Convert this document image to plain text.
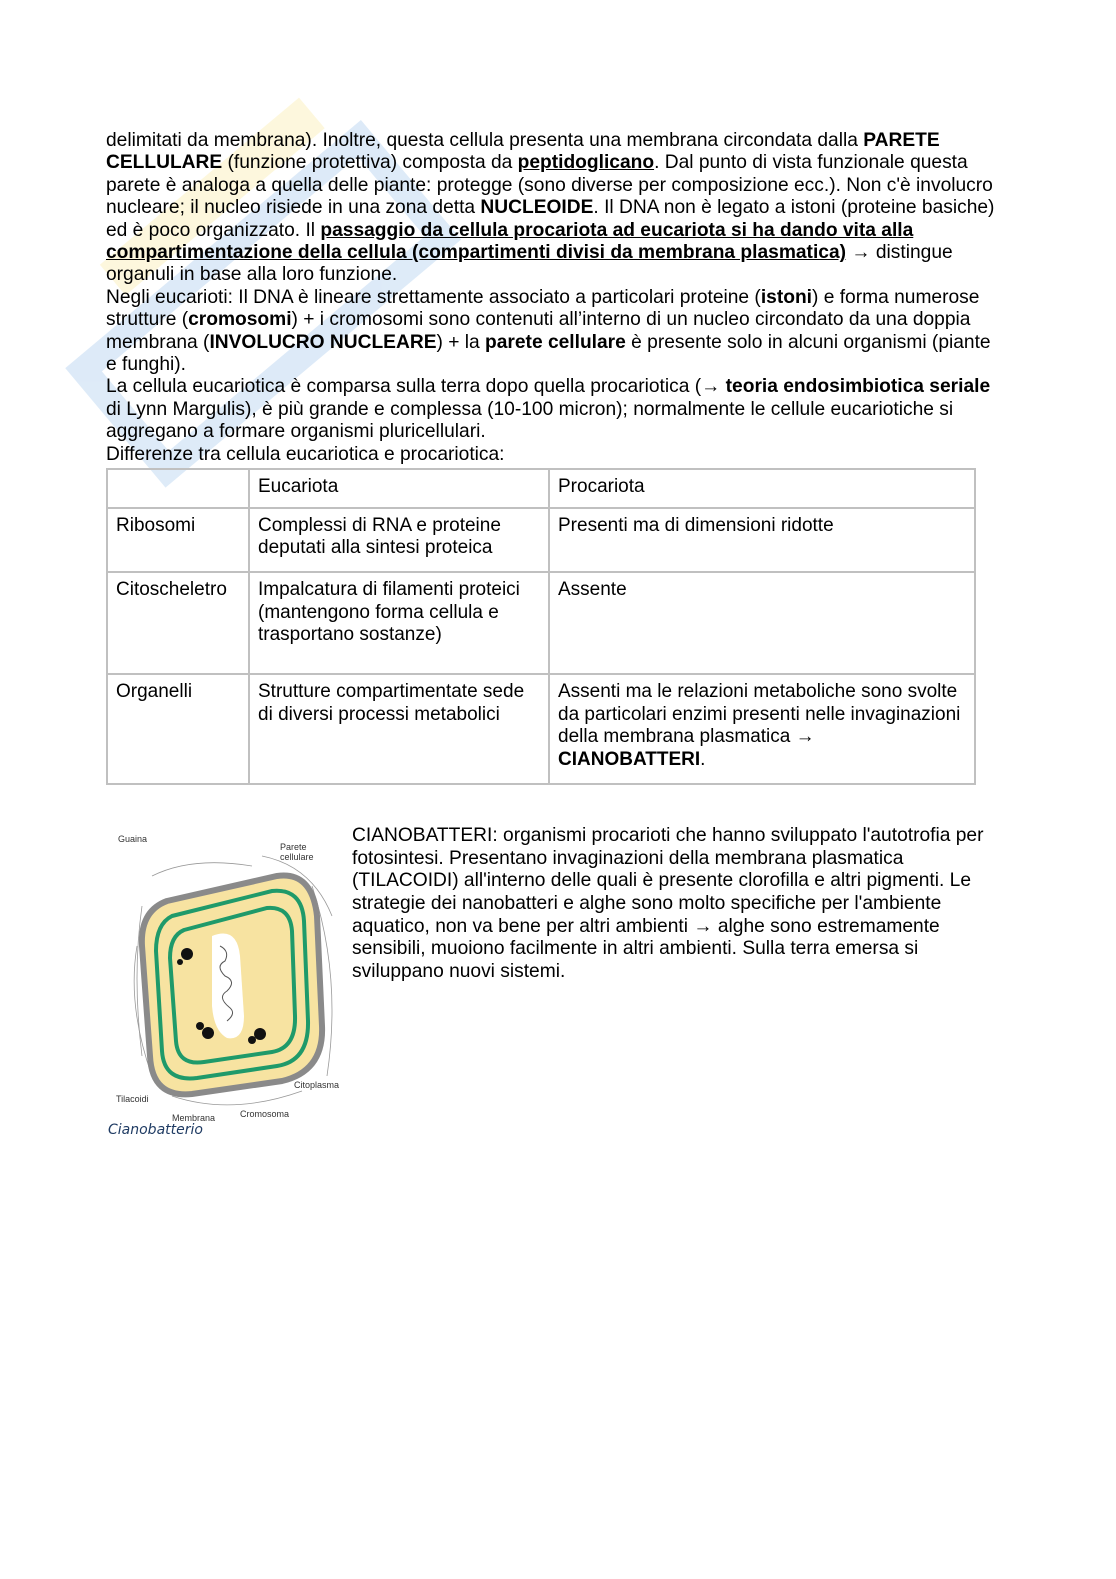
delimitati da membrana). Inoltre, questa cellula presenta una membrana circondata dalla PARETE CELLULARE (funzione protettiva) composta da peptidoglicano. Dal punto di vista funzionale questa parete è analoga a quella delle piante: protegge (sono diverse per composizione ecc.). Non c'è involucro nucleare; il nucleo risiede in una zona detta NUCLEOIDE. Il DNA non è legato a istoni (proteine basiche) ed è poco organizzato. Il passaggio da cellula procariota ad eucariota si ha dando vita alla compartimentazione della cellula (compartimenti divisi da membrana plasmatica) → distingue organuli in base alla loro funzione.

Negli eucarioti: Il DNA è lineare strettamente associato a particolari proteine (istoni) e forma numerose strutture (cromosomi) + i cromosomi sono contenuti all’interno di un nucleo circondato da una doppia membrana (INVOLUCRO NUCLEARE) + la parete cellulare è presente solo in alcuni organismi (piante e funghi).

La cellula eucariotica è comparsa sulla terra dopo quella procariotica (→ teoria endosimbiotica seriale di Lynn Margulis), è più grande e complessa (10-100 micron); normalmente le cellule eucariotiche si aggregano a formare organismi pluricellulari.

Differenze tra cellula eucariotica e procariotica:

	Eucariota	Procariota
Ribosomi	Complessi di RNA e proteine deputati alla sintesi proteica	Presenti ma di dimensioni ridotte
Citoscheletro	Impalcatura di filamenti proteici (mantengono forma cellula e trasportano sostanze)	Assente
Organelli	Strutture compartimentate sede di diversi processi metabolici	Assenti ma le relazioni metaboliche sono svolte da particolari enzimi presenti nelle invaginazioni della membrana plasmatica → CIANOBATTERI.
Guaina
Parete
cellulare
Citoplasma
Tilacoidi
Membrana	Cromosoma
Cianobatterio

CIANOBATTERI: organismi procarioti che hanno sviluppato l'autotrofia per fotosintesi. Presentano invaginazioni della membrana plasmatica (TILACOIDI) all'interno delle quali è presente clorofilla e altri pigmenti. Le strategie dei nanobatteri e alghe sono molto specifiche per l'ambiente aquatico, non va bene per altri ambienti → alghe sono estremamente sensibili, muoiono facilmente in altri ambienti. Sulla terra emersa si sviluppano nuovi sistemi.
